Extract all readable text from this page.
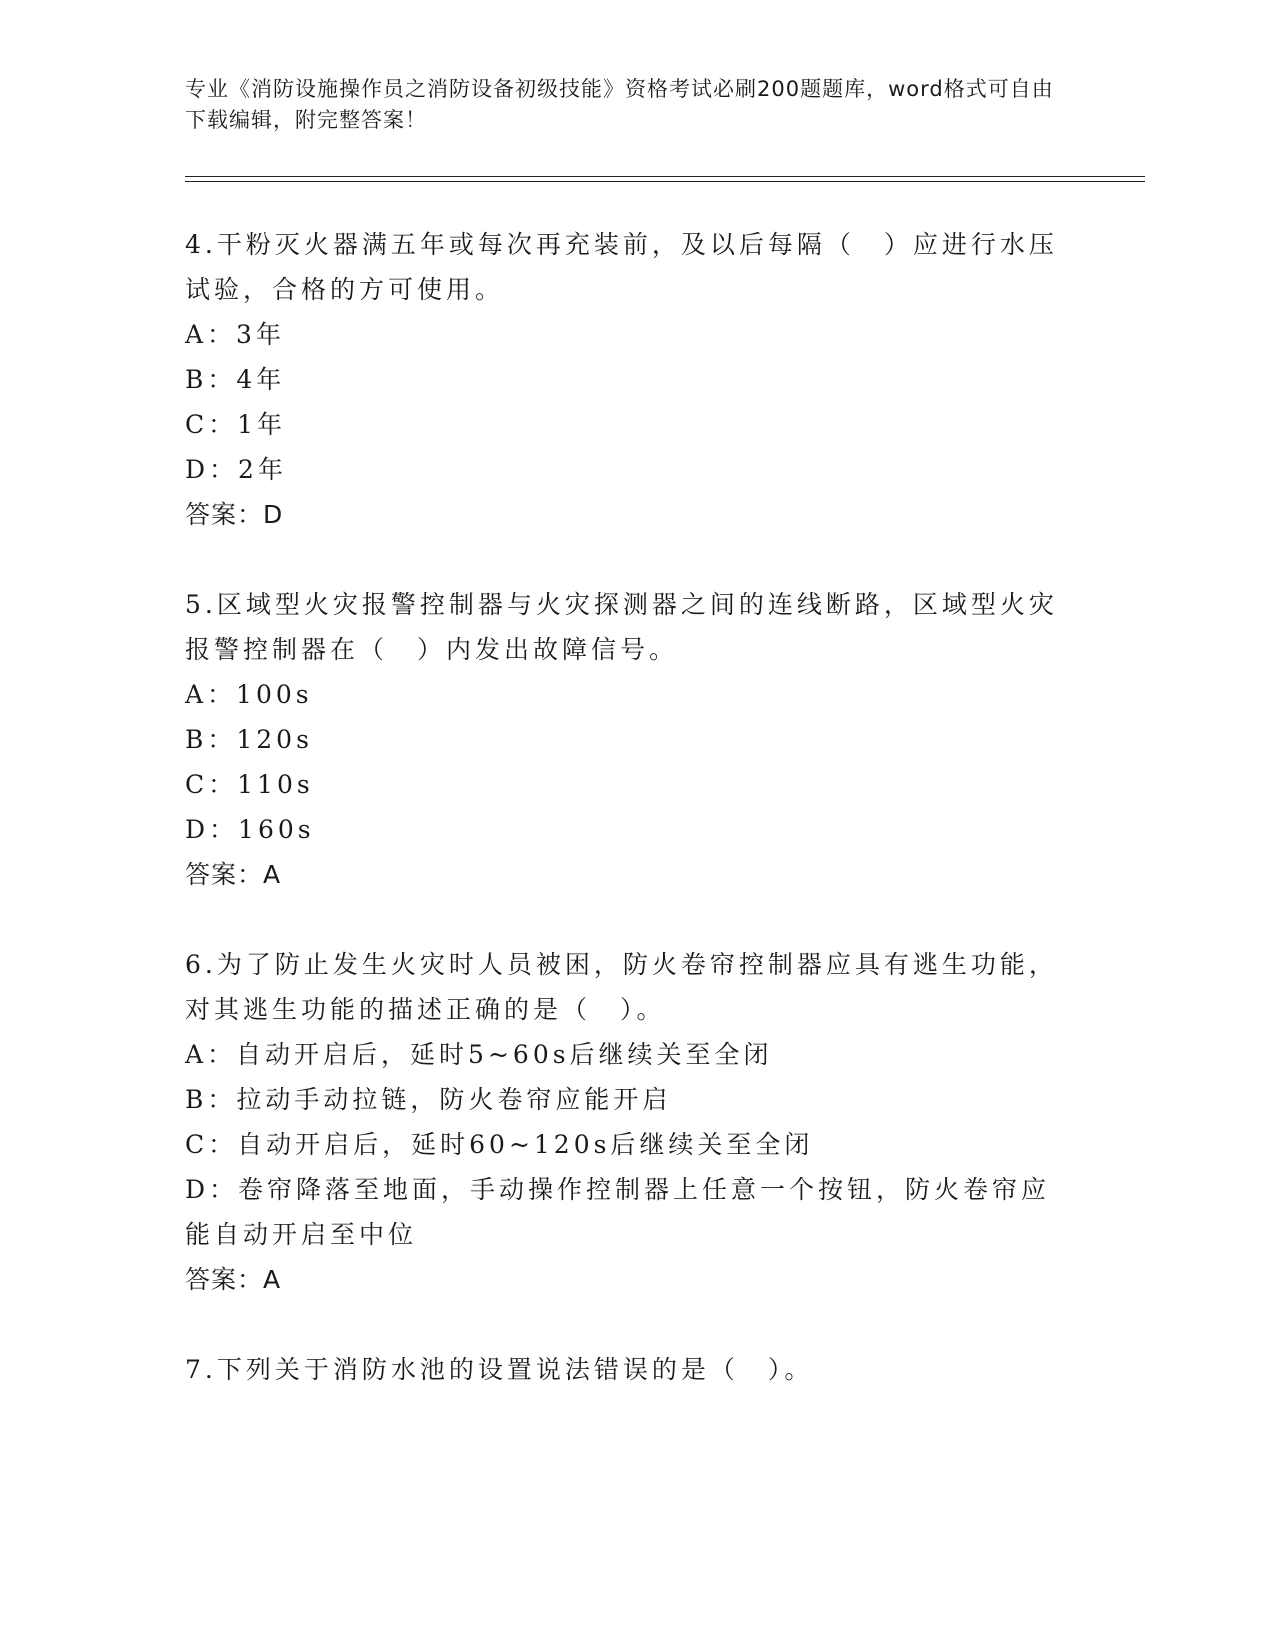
专业《消防设施操作员之消防设备初级技能》资格考试必刷200题题库，word格式可自由下载编辑，附完整答案！

4.干粉灭火器满五年或每次再充装前，及以后每隔（　）应进行水压试验，合格的方可使用。

A：3年

B：4年

C：1年

D：2年

答案：D

5.区域型火灾报警控制器与火灾探测器之间的连线断路，区域型火灾报警控制器在（　）内发出故障信号。

A：100s

B：120s

C：110s

D：160s

答案：A

6.为了防止发生火灾时人员被困，防火卷帘控制器应具有逃生功能，对其逃生功能的描述正确的是（　）。

A：自动开启后，延时5~60s后继续关至全闭

B：拉动手动拉链，防火卷帘应能开启

C：自动开启后，延时60~120s后继续关至全闭

D：卷帘降落至地面，手动操作控制器上任意一个按钮，防火卷帘应能自动开启至中位

答案：A

7.下列关于消防水池的设置说法错误的是（　）。
